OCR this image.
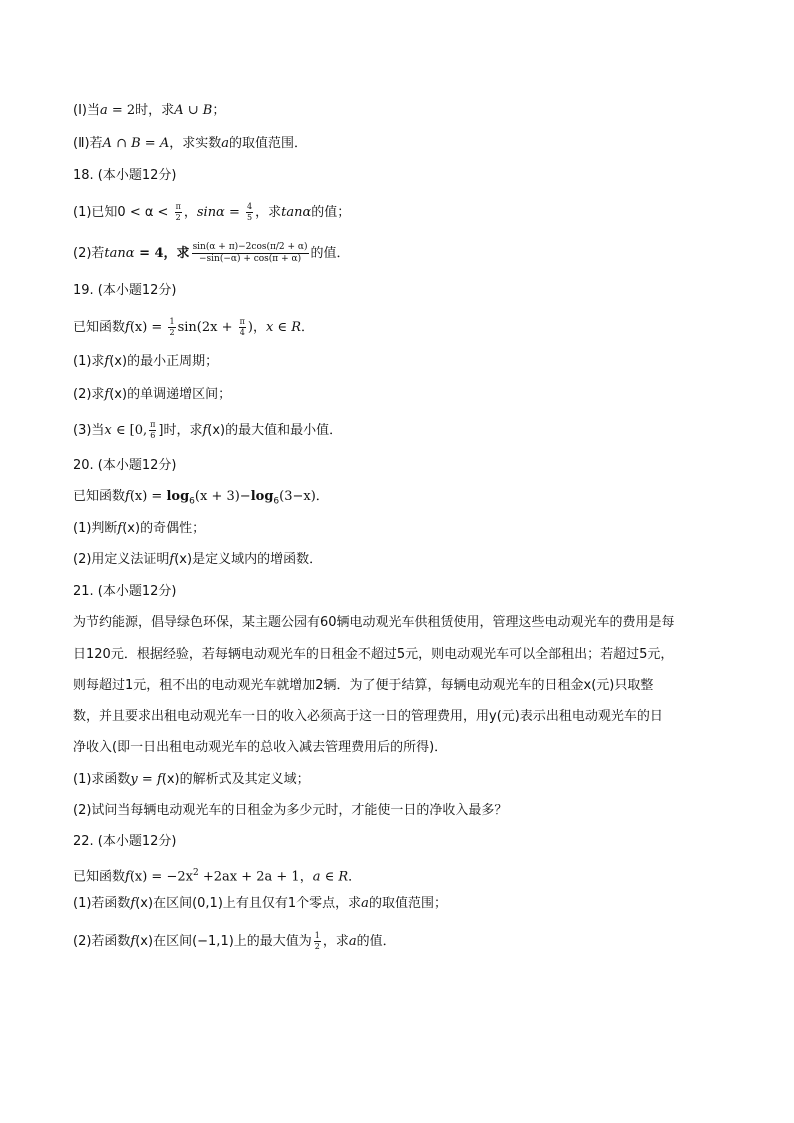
(Ⅰ)当a = 2时，求A ∪ B；
(Ⅱ)若A ∩ B = A，求实数a的取值范围．
18. (本小题12分)
(1)已知$0 < \alpha < \frac{\pi}{2}$ ，$\sin\alpha = \frac{4}{5}$ ，求tanα的值；
(2)若tanα = 4，求 $\frac{\sin(\alpha + \pi)-2\cos(\pi/2 + \alpha)}{-\sin(-\alpha) + \cos(\pi + \alpha)}$ 的值．
19. (本小题12分)
已知函数$f(x) = \frac{1}{2} \sin(2x + \frac{\pi}{4}$ )，x ∈ R．
(1)求f(x)的最小正周期；
(2)求f(x)的单调递增区间；
(3)当x ∈ [0, $\frac{\pi}{6}$ ]时，求f(x)的最大值和最小值．
20. (本小题12分)
已知函数$f(x) = \log_6(x + 3)-\log_6(3-x)$．
(1)判断f(x)的奇偶性；
(2)用定义法证明f(x)是定义域内的增函数．
21. (本小题12分)
为节约能源，倡导绿色环保，某主题公园有60辆电动观光车供租赁使用，管理这些电动观光车的费用是每
日120元．根据经验，若每辆电动观光车的日租金不超过5元，则电动观光车可以全部租出；若超过5元，
则每超过1元，租不出的电动观光车就增加2辆．为了便于结算，每辆电动观光车的日租金x(元)只取整
数，并且要求出租电动观光车一日的收入必须高于这一日的管理费用，用y(元)表示出租电动观光车的日
净收入(即一日出租电动观光车的总收入减去管理费用后的所得)．
(1)求函数y = f(x)的解析式及其定义域；
(2)试问当每辆电动观光车的日租金为多少元时，才能使一日的净收入最多？
22. (本小题12分)
已知函数$f(x) = -2x^2 +2ax + 2a + 1$，a ∈ R．
(1)若函数f(x)在区间(0,1)上有且仅有1个零点，求a的取值范围；
(2)若函数f(x)在区间(−1,1)上的最大值为 $\frac{1}{2}$ ，求a的值．
